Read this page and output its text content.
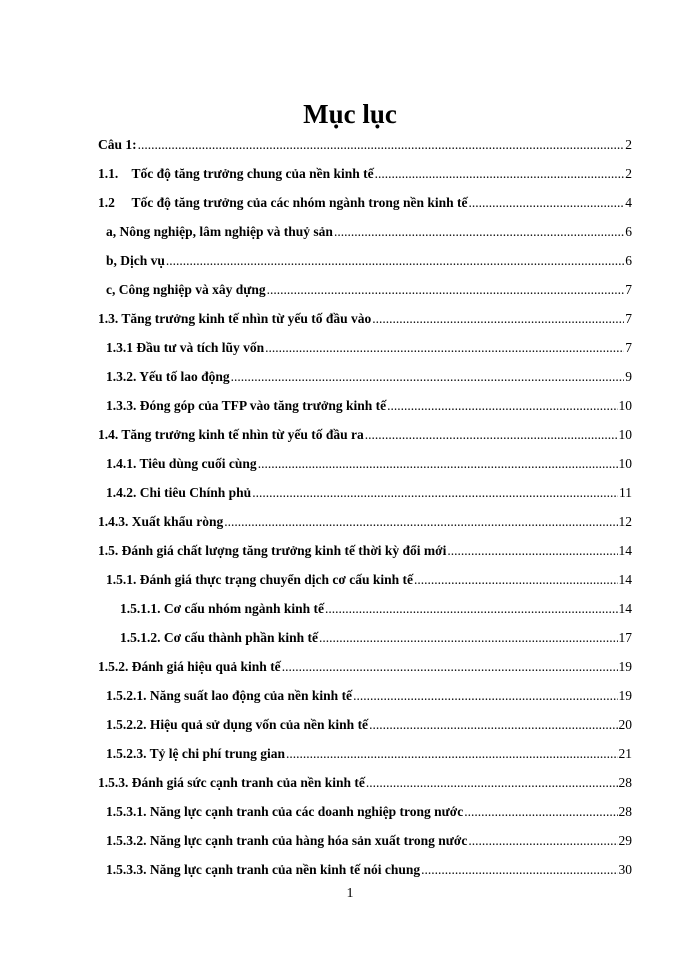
Mục lục
Câu 1: .....	2
1.1.    Tốc độ tăng trưởng chung của nền kinh tế .....	2
1.2     Tốc độ tăng trưởng của các nhóm ngành trong nền kinh tế .....	4
a, Nông nghiệp, lâm nghiệp và thuỷ sản .....	6
b, Dịch vụ .....	6
c, Công nghiệp và xây dựng .....	7
1.3. Tăng trưởng kinh tế nhìn từ yếu tố đầu vào .....	7
1.3.1 Đầu tư và tích lũy vốn .....	7
1.3.2. Yếu tố lao động .....	9
1.3.3. Đóng góp của TFP vào tăng trưởng kinh tế .....	10
1.4. Tăng trưởng kinh tế nhìn từ yếu tố đầu ra .....	10
1.4.1. Tiêu dùng cuối cùng .....	10
1.4.2. Chi tiêu Chính phủ .....	11
1.4.3. Xuất khẩu ròng .....	12
1.5. Đánh giá chất lượng tăng trưởng kinh tế thời kỳ đổi mới .....	14
1.5.1. Đánh giá thực trạng chuyển dịch cơ cấu kinh tế .....	14
1.5.1.1. Cơ cấu nhóm ngành kinh tế .....	14
1.5.1.2. Cơ cấu thành phần kinh tế .....	17
1.5.2. Đánh giá hiệu quả kinh tế .....	19
1.5.2.1. Năng suất lao động của nền kinh tế .....	19
1.5.2.2. Hiệu quả sử dụng vốn của nền kinh tế .....	20
1.5.2.3. Tỷ lệ chi phí trung gian .....	21
1.5.3. Đánh giá sức cạnh tranh của nền kinh tế .....	28
1.5.3.1. Năng lực cạnh tranh của các doanh nghiệp trong nước .....	28
1.5.3.2. Năng lực cạnh tranh của hàng hóa sản xuất trong nước .....	29
1.5.3.3. Năng lực cạnh tranh của nền kinh tế nói chung .....	30
1
